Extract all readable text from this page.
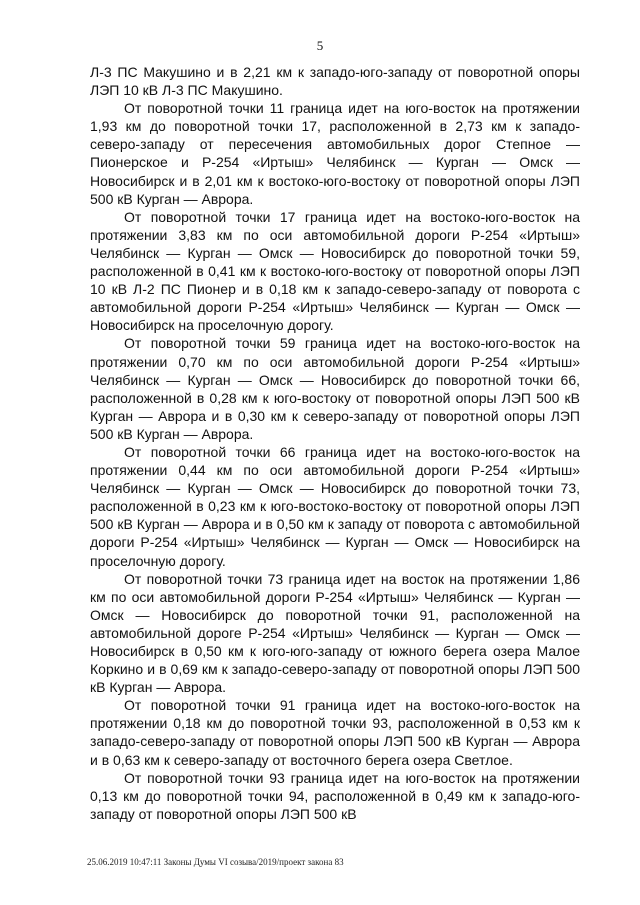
5

Л-3 ПС Макушино и в 2,21 км к западо-юго-западу от поворотной опоры ЛЭП 10 кВ Л-3 ПС Макушино.

От поворотной точки 11 граница идет на юго-восток на протяжении 1,93 км до поворотной точки 17, расположенной в 2,73 км к западо-северо-западу от пересечения автомобильных дорог Степное — Пионерское и Р-254 «Иртыш» Челябинск — Курган — Омск — Новосибирск и в 2,01 км к востоко-юго-востоку от поворотной опоры ЛЭП 500 кВ Курган — Аврора.

От поворотной точки 17 граница идет на востоко-юго-восток на протяжении 3,83 км по оси автомобильной дороги Р-254 «Иртыш» Челябинск — Курган — Омск — Новосибирск до поворотной точки 59, расположенной в 0,41 км к востоко-юго-востоку от поворотной опоры ЛЭП 10 кВ Л-2 ПС Пионер и в 0,18 км к западо-северо-западу от поворота с автомобильной дороги Р-254 «Иртыш» Челябинск — Курган — Омск — Новосибирск на проселочную дорогу.

От поворотной точки 59 граница идет на востоко-юго-восток на протяжении 0,70 км по оси автомобильной дороги Р-254 «Иртыш» Челябинск — Курган — Омск — Новосибирск до поворотной точки 66, расположенной в 0,28 км к юго-востоку от поворотной опоры ЛЭП 500 кВ Курган — Аврора и в 0,30 км к северо-западу от поворотной опоры ЛЭП 500 кВ Курган — Аврора.

От поворотной точки 66 граница идет на востоко-юго-восток на протяжении 0,44 км по оси автомобильной дороги Р-254 «Иртыш» Челябинск — Курган — Омск — Новосибирск до поворотной точки 73, расположенной в 0,23 км к юго-востоко-востоку от поворотной опоры ЛЭП 500 кВ Курган — Аврора и в 0,50 км к западу от поворота с автомобильной дороги Р-254 «Иртыш» Челябинск — Курган — Омск — Новосибирск на проселочную дорогу.

От поворотной точки 73 граница идет на восток на протяжении 1,86 км по оси автомобильной дороги Р-254 «Иртыш» Челябинск — Курган — Омск — Новосибирск до поворотной точки 91, расположенной на автомобильной дороге Р-254 «Иртыш» Челябинск — Курган — Омск — Новосибирск в 0,50 км к юго-юго-западу от южного берега озера Малое Коркино и в 0,69 км к западо-северо-западу от поворотной опоры ЛЭП 500 кВ Курган — Аврора.

От поворотной точки 91 граница идет на востоко-юго-восток на протяжении 0,18 км до поворотной точки 93, расположенной в 0,53 км к западо-северо-западу от поворотной опоры ЛЭП 500 кВ Курган — Аврора и в 0,63 км к северо-западу от восточного берега озера Светлое.

От поворотной точки 93 граница идет на юго-восток на протяжении 0,13 км до поворотной точки 94, расположенной в 0,49 км к западо-юго-западу от поворотной опоры ЛЭП 500 кВ

25.06.2019 10:47:11 Законы Думы VI созыва/2019/проект закона 83
